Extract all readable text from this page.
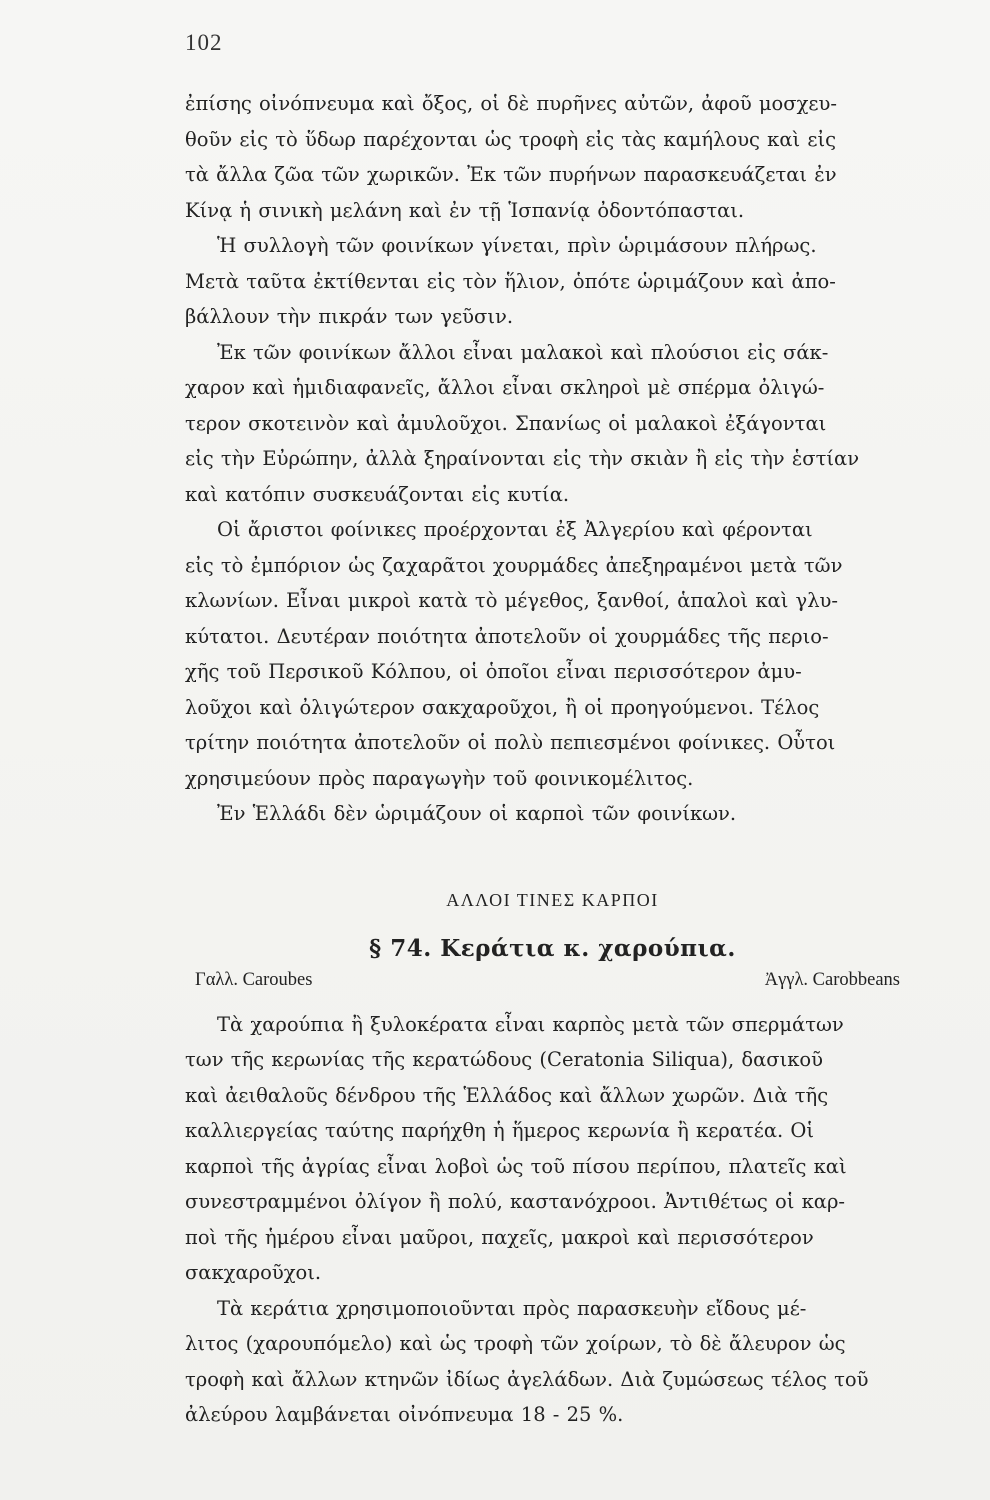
102

ἐπίσης οἰνόπνευμα καὶ ὄξος, οἱ δὲ πυρῆνες αὐτῶν, ἀφοῦ μοσχευ-
θοῦν εἰς τὸ ὕδωρ παρέχονται ὡς τροφὴ εἰς τὰς καμήλους καὶ εἰς
τὰ ἄλλα ζῶα τῶν χωρικῶν. Ἐκ τῶν πυρήνων παρασκευάζεται ἐν
Κίνᾳ ἡ σινικὴ μελάνη καὶ ἐν τῇ Ἱσπανίᾳ ὀδοντόπασται.

Ἡ συλλογὴ τῶν φοινίκων γίνεται, πρὶν ὡριμάσουν πλήρως.
Μετὰ ταῦτα ἐκτίθενται εἰς τὸν ἥλιον, ὁπότε ὡριμάζουν καὶ ἀπο-
βάλλουν τὴν πικράν των γεῦσιν.

Ἐκ τῶν φοινίκων ἄλλοι εἶναι μαλακοὶ καὶ πλούσιοι εἰς σάκ-
χαρον καὶ ἡμιδιαφανεῖς, ἄλλοι εἶναι σκληροὶ μὲ σπέρμα ὀλιγώ-
τερον σκοτεινὸν καὶ ἀμυλοῦχοι. Σπανίως οἱ μαλακοὶ ἐξάγονται
εἰς τὴν Εὐρώπην, ἀλλὰ ξηραίνονται εἰς τὴν σκιὰν ἢ εἰς τὴν ἑστίαν
καὶ κατόπιν συσκευάζονται εἰς κυτία.

Οἱ ἄριστοι φοίνικες προέρχονται ἐξ Ἀλγερίου καὶ φέρονται
εἰς τὸ ἐμπόριον ὡς ζαχαρᾶτοι χουρμάδες ἀπεξηραμένοι μετὰ τῶν
κλωνίων. Εἶναι μικροὶ κατὰ τὸ μέγεθος, ξανθοί, ἁπαλοὶ καὶ γλυ-
κύτατοι. Δευτέραν ποιότητα ἀποτελοῦν οἱ χουρμάδες τῆς περιο-
χῆς τοῦ Περσικοῦ Κόλπου, οἱ ὁποῖοι εἶναι περισσότερον ἀμυ-
λοῦχοι καὶ ὀλιγώτερον σακχαροῦχοι, ἢ οἱ προηγούμενοι. Τέλος
τρίτην ποιότητα ἀποτελοῦν οἱ πολὺ πεπιεσμένοι φοίνικες. Οὗτοι
χρησιμεύουν πρὸς παραγωγὴν τοῦ φοινικομέλιτος.

Ἐν Ἑλλάδι δὲν ὡριμάζουν οἱ καρποὶ τῶν φοινίκων.

ΑΛΛΟΙ ΤΙΝΕΣ ΚΑΡΠΟΙ
§ 74. Κεράτια κ. χαρούπια.
Γαλλ. Caroubes	Ἀγγλ. Carobbeans

Τὰ χαρούπια ἢ ξυλοκέρατα εἶναι καρπὸς μετὰ τῶν σπερμάτων
των τῆς κερωνίας τῆς κερατώδους (Ceratonia Siliqua), δασικοῦ
καὶ ἀειθαλοῦς δένδρου τῆς Ἑλλάδος καὶ ἄλλων χωρῶν. Διὰ τῆς
καλλιεργείας ταύτης παρήχθη ἡ ἥμερος κερωνία ἢ κερατέα. Οἱ
καρποὶ τῆς ἀγρίας εἶναι λοβοὶ ὡς τοῦ πίσου περίπου, πλατεῖς καὶ
συνεστραμμένοι ὀλίγον ἢ πολύ, καστανόχροοι. Ἀντιθέτως οἱ καρ-
ποὶ τῆς ἡμέρου εἶναι μαῦροι, παχεῖς, μακροὶ καὶ περισσότερον
σακχαροῦχοι.

Τὰ κεράτια χρησιμοποιοῦνται πρὸς παρασκευὴν εἴδους μέ-
λιτος (χαρουπόμελο) καὶ ὡς τροφὴ τῶν χοίρων, τὸ δὲ ἄλευρον ὡς
τροφὴ καὶ ἄλλων κτηνῶν ἰδίως ἀγελάδων. Διὰ ζυμώσεως τέλος τοῦ
ἀλεύρου λαμβάνεται οἰνόπνευμα 18 - 25 %.
